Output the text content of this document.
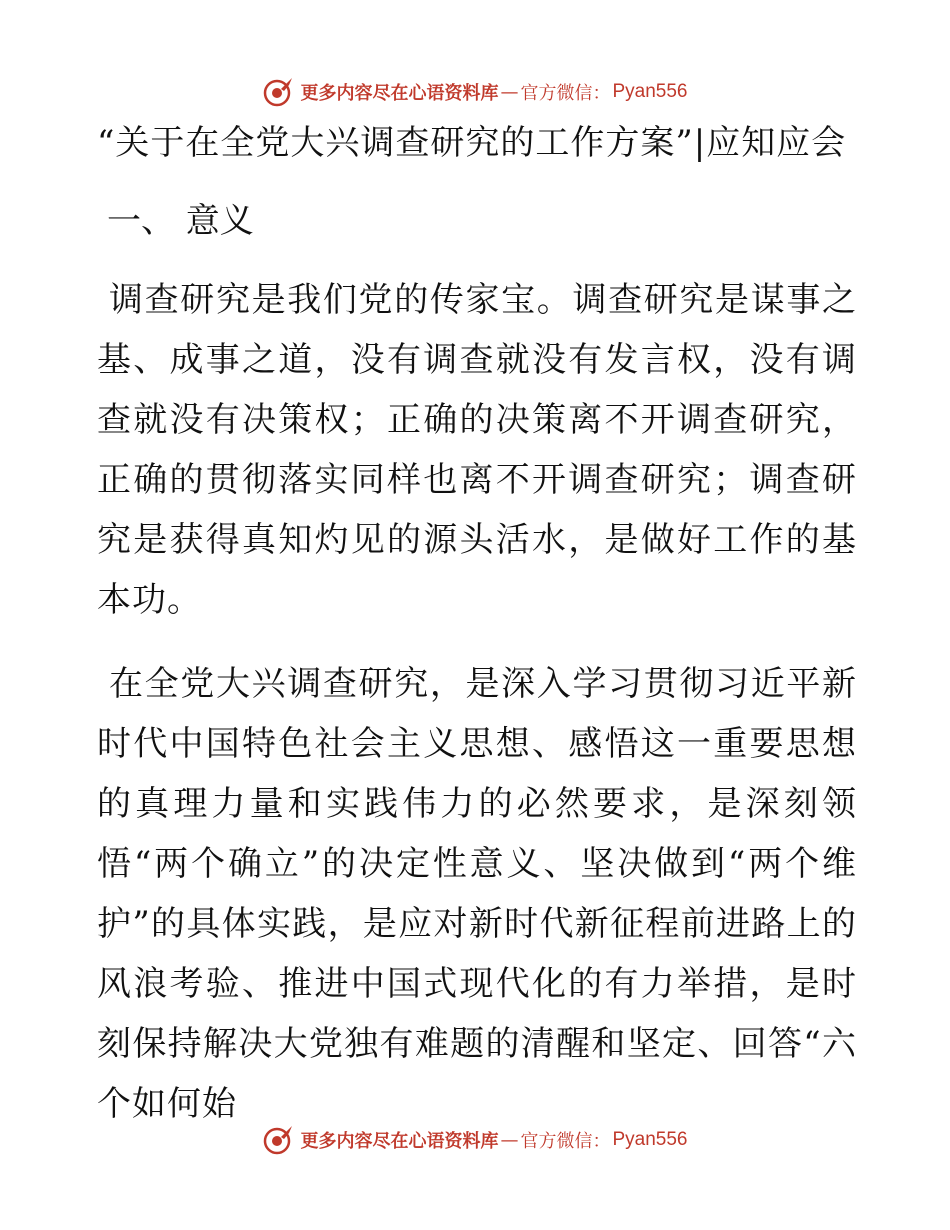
更多内容尽在心语资料库 — 官方微信： Pyan556

“关于在全党大兴调查研究的工作方案”|应知应会

一、 意义

调查研究是我们党的传家宝。调查研究是谋事之基、成事之道，没有调查就没有发言权，没有调查就没有决策权；正确的决策离不开调查研究，正确的贯彻落实同样也离不开调查研究；调查研究是获得真知灼见的源头活水，是做好工作的基本功。

在全党大兴调查研究，是深入学习贯彻习近平新时代中国特色社会主义思想、感悟这一重要思想的真理力量和实践伟力的必然要求，是深刻领悟“两个确立”的决定性意义、坚决做到“两个维护”的具体实践，是应对新时代新征程前进路上的风浪考验、推进中国式现代化的有力举措，是时刻保持解决大党独有难题的清醒和坚定、回答“六个如何始

更多内容尽在心语资料库 — 官方微信： Pyan556
